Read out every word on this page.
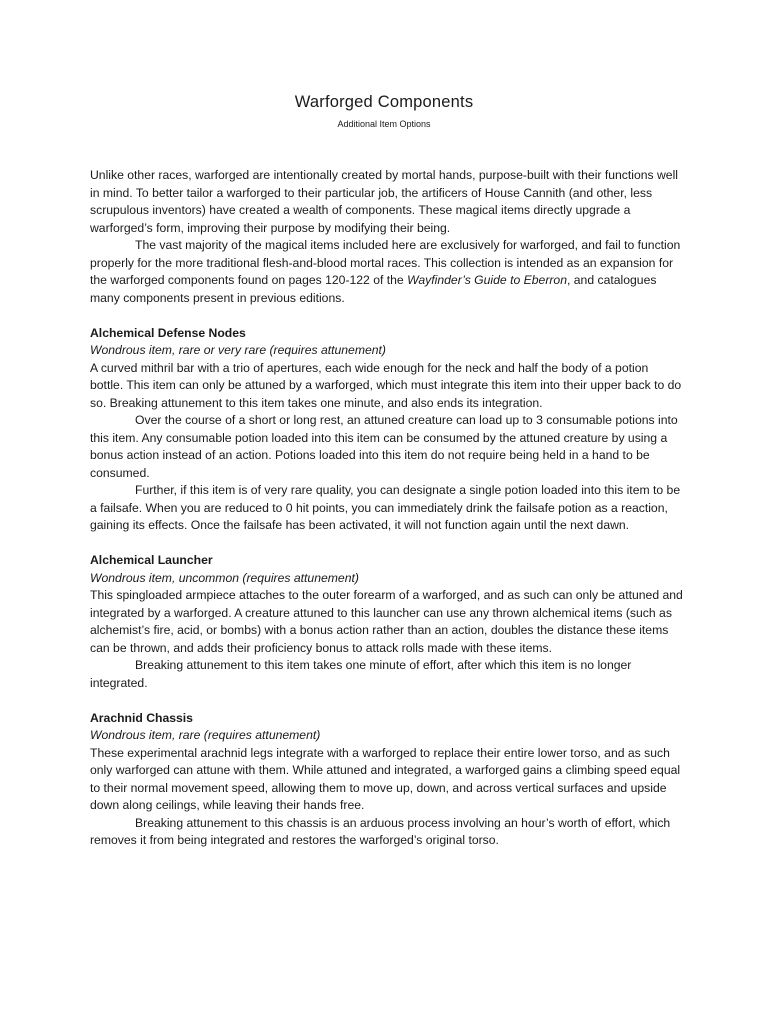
Warforged Components
Additional Item Options

Unlike other races, warforged are intentionally created by mortal hands, purpose-built with their functions well in mind. To better tailor a warforged to their particular job, the artificers of House Cannith (and other, less scrupulous inventors) have created a wealth of components. These magical items directly upgrade a warforged’s form, improving their purpose by modifying their being.

The vast majority of the magical items included here are exclusively for warforged, and fail to function properly for the more traditional flesh-and-blood mortal races. This collection is intended as an expansion for the warforged components found on pages 120-122 of the Wayfinder’s Guide to Eberron, and catalogues many components present in previous editions.

Alchemical Defense Nodes

Wondrous item, rare or very rare (requires attunement)

A curved mithril bar with a trio of apertures, each wide enough for the neck and half the body of a potion bottle. This item can only be attuned by a warforged, which must integrate this item into their upper back to do so. Breaking attunement to this item takes one minute, and also ends its integration.

Over the course of a short or long rest, an attuned creature can load up to 3 consumable potions into this item. Any consumable potion loaded into this item can be consumed by the attuned creature by using a bonus action instead of an action. Potions loaded into this item do not require being held in a hand to be consumed.

Further, if this item is of very rare quality, you can designate a single potion loaded into this item to be a failsafe. When you are reduced to 0 hit points, you can immediately drink the failsafe potion as a reaction, gaining its effects. Once the failsafe has been activated, it will not function again until the next dawn.

Alchemical Launcher

Wondrous item, uncommon (requires attunement)

This spingloaded armpiece attaches to the outer forearm of a warforged, and as such can only be attuned and integrated by a warforged. A creature attuned to this launcher can use any thrown alchemical items (such as alchemist’s fire, acid, or bombs) with a bonus action rather than an action, doubles the distance these items can be thrown, and adds their proficiency bonus to attack rolls made with these items.

Breaking attunement to this item takes one minute of effort, after which this item is no longer integrated.

Arachnid Chassis

Wondrous item, rare (requires attunement)

These experimental arachnid legs integrate with a warforged to replace their entire lower torso, and as such only warforged can attune with them. While attuned and integrated, a warforged gains a climbing speed equal to their normal movement speed, allowing them to move up, down, and across vertical surfaces and upside down along ceilings, while leaving their hands free.

Breaking attunement to this chassis is an arduous process involving an hour’s worth of effort, which removes it from being integrated and restores the warforged’s original torso.
